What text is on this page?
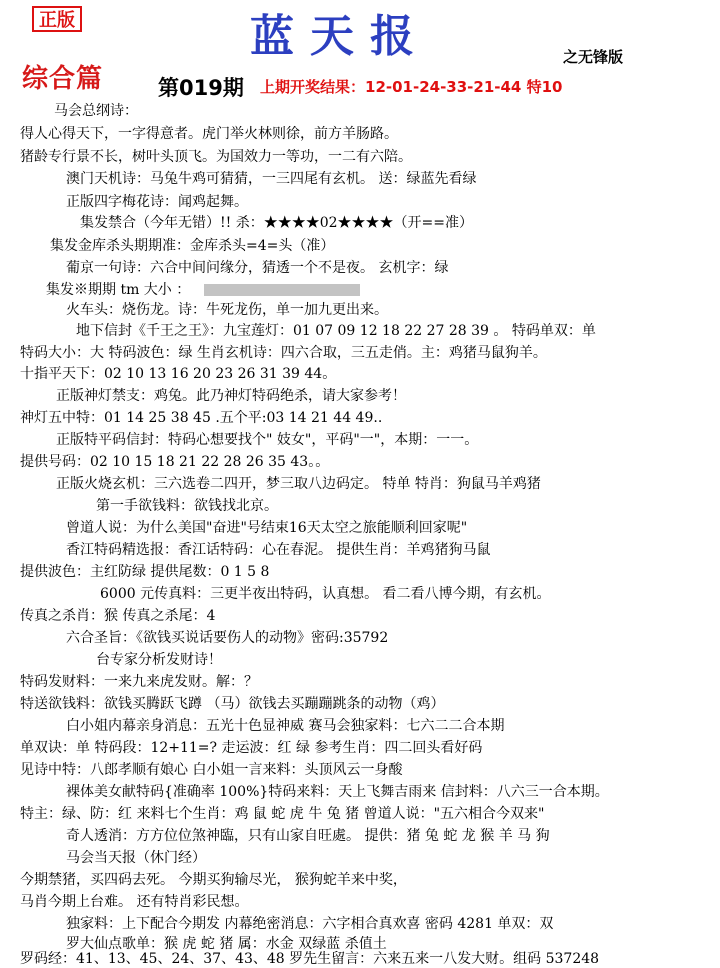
正版	蓝天报	之无锋版
综合篇	第019期 上期开奖结果：12-01-24-33-21-44 特10
马会总纲诗：
得人心得天下，一字得意者。虎门举火林则徐，前方羊肠路。
猪龄专行景不长，树叶头顶飞。为国效力一等功，一二有六陪。
澳门天机诗：马兔牛鸡可猜猜，一三四尾有玄机。 送：绿蓝先看绿
正版四字梅花诗：闻鸡起舞。
集发禁合（今年无错）!! 杀：★★★★02★★★★（开==准）
集发金库杀头期期准：金库杀头=4=头（准）
葡京一句诗：六合中间问缘分，猜透一个不是夜。 玄机字：绿
集发※期期 tm 大小 ：
火车头：烧伤龙。诗：牛死龙伤，单一加九更出来。
地下信封《千王之王》：九宝莲灯：01 07 09 12 18 22 27 28 39 。 特码单双：单
特码大小：大 特码波色：绿 生肖玄机诗：四六合取，三五走俏。主：鸡猪马鼠狗羊。
十指平天下：02 10 13 16 20 23 26 31 39 44。
正版神灯禁支：鸡兔。此乃神灯特码绝杀，请大家参考！
神灯五中特：01 14 25 38 45 .五个平:03 14 21 44 49..
正版特平码信封：特码心想要找个" 妓女"，平码"一"，本期：一一。
提供号码：02 10 15 18 21 22 28 26 35 43。。
正版火烧玄机：三六选卷二四开，梦三取八边码定。 特单 特肖：狗鼠马羊鸡猪
第一手欲钱料：欲钱找北京。
曾道人说：为什么美国"奋进"号结束16天太空之旅能顺利回家呢"
香江特码精选报：香江话特码：心在春泥。 提供生肖：羊鸡猪狗马鼠
提供波色：主红防绿 提供尾数：0 1 5 8
6000 元传真料：三更半夜出特码，认真想。 看二看八博今期，有玄机。
传真之杀肖：猴 传真之杀尾：4
六合圣旨：《欲钱买说话要伤人的动物》密码:35792
台专家分析发财诗！
特码发财料：一来九来虎发财。解：？
特送欲钱料：欲钱买腾跃飞蹲 （马）欲钱去买蹦蹦跳条的动物（鸡）
白小姐内幕亲身消息：五光十色显神威 赛马会独家料：七六二二合本期
单双诀：单 特码段：12+11=? 走运波：红 绿 参考生肖：四二回头看好码
见诗中特：八郎孝顺有娘心 白小姐一言来料：头顶风云一身酸
裸体美女献特码{准确率 100%}特码来料：天上飞舞吉雨来 信封料：八六三一合本期。
特主：绿、防：红 来料七个生肖：鸡 鼠 蛇 虎 牛 兔 猪 曾道人说："五六相合今双来"
奇人透消：方方位位煞神臨，只有山家自旺處。 提供：猪 兔 蛇 龙 猴 羊 马 狗
马会当天报（休门经）
今期禁猪，买四码去死。 今期买狗输尽光， 猴狗蛇羊来中奖，
马肖今期上台难。 还有特肖彩民想。
独家料：上下配合今期发 内幕绝密消息：六字相合真欢喜 密码 4281 单双：双
罗大仙点歌单：猴 虎 蛇 猪 属：水金 双绿蓝 杀值土
罗码经：41、13、45、24、37、43、48 罗先生留言：六来五来一八发大财。组码 537248
